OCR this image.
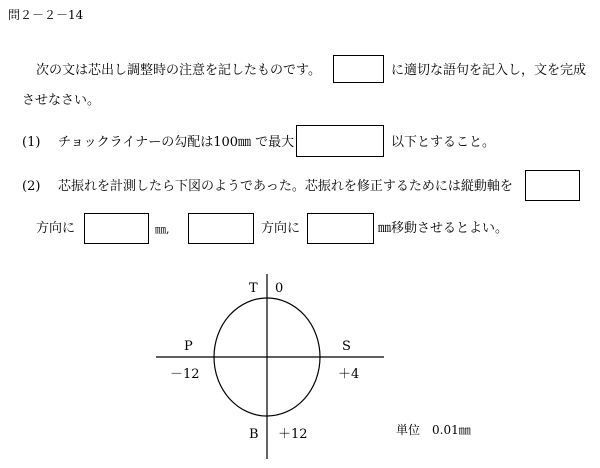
問２－２－14
次の文は芯出し調整時の注意を記したものです。	に適切な語句を記入し，文を完成
させなさい。
(1) チョックライナーの勾配は100㎜ で最大	以下とすること。
(2) 芯振れを計測したら下図のようであった。芯振れを修正するためには縦動軸を
方向に	㎜,	方向に	㎜移動させるとよい。
T 0
P
－12
S
＋4
B ＋12	単位　0.01㎜
